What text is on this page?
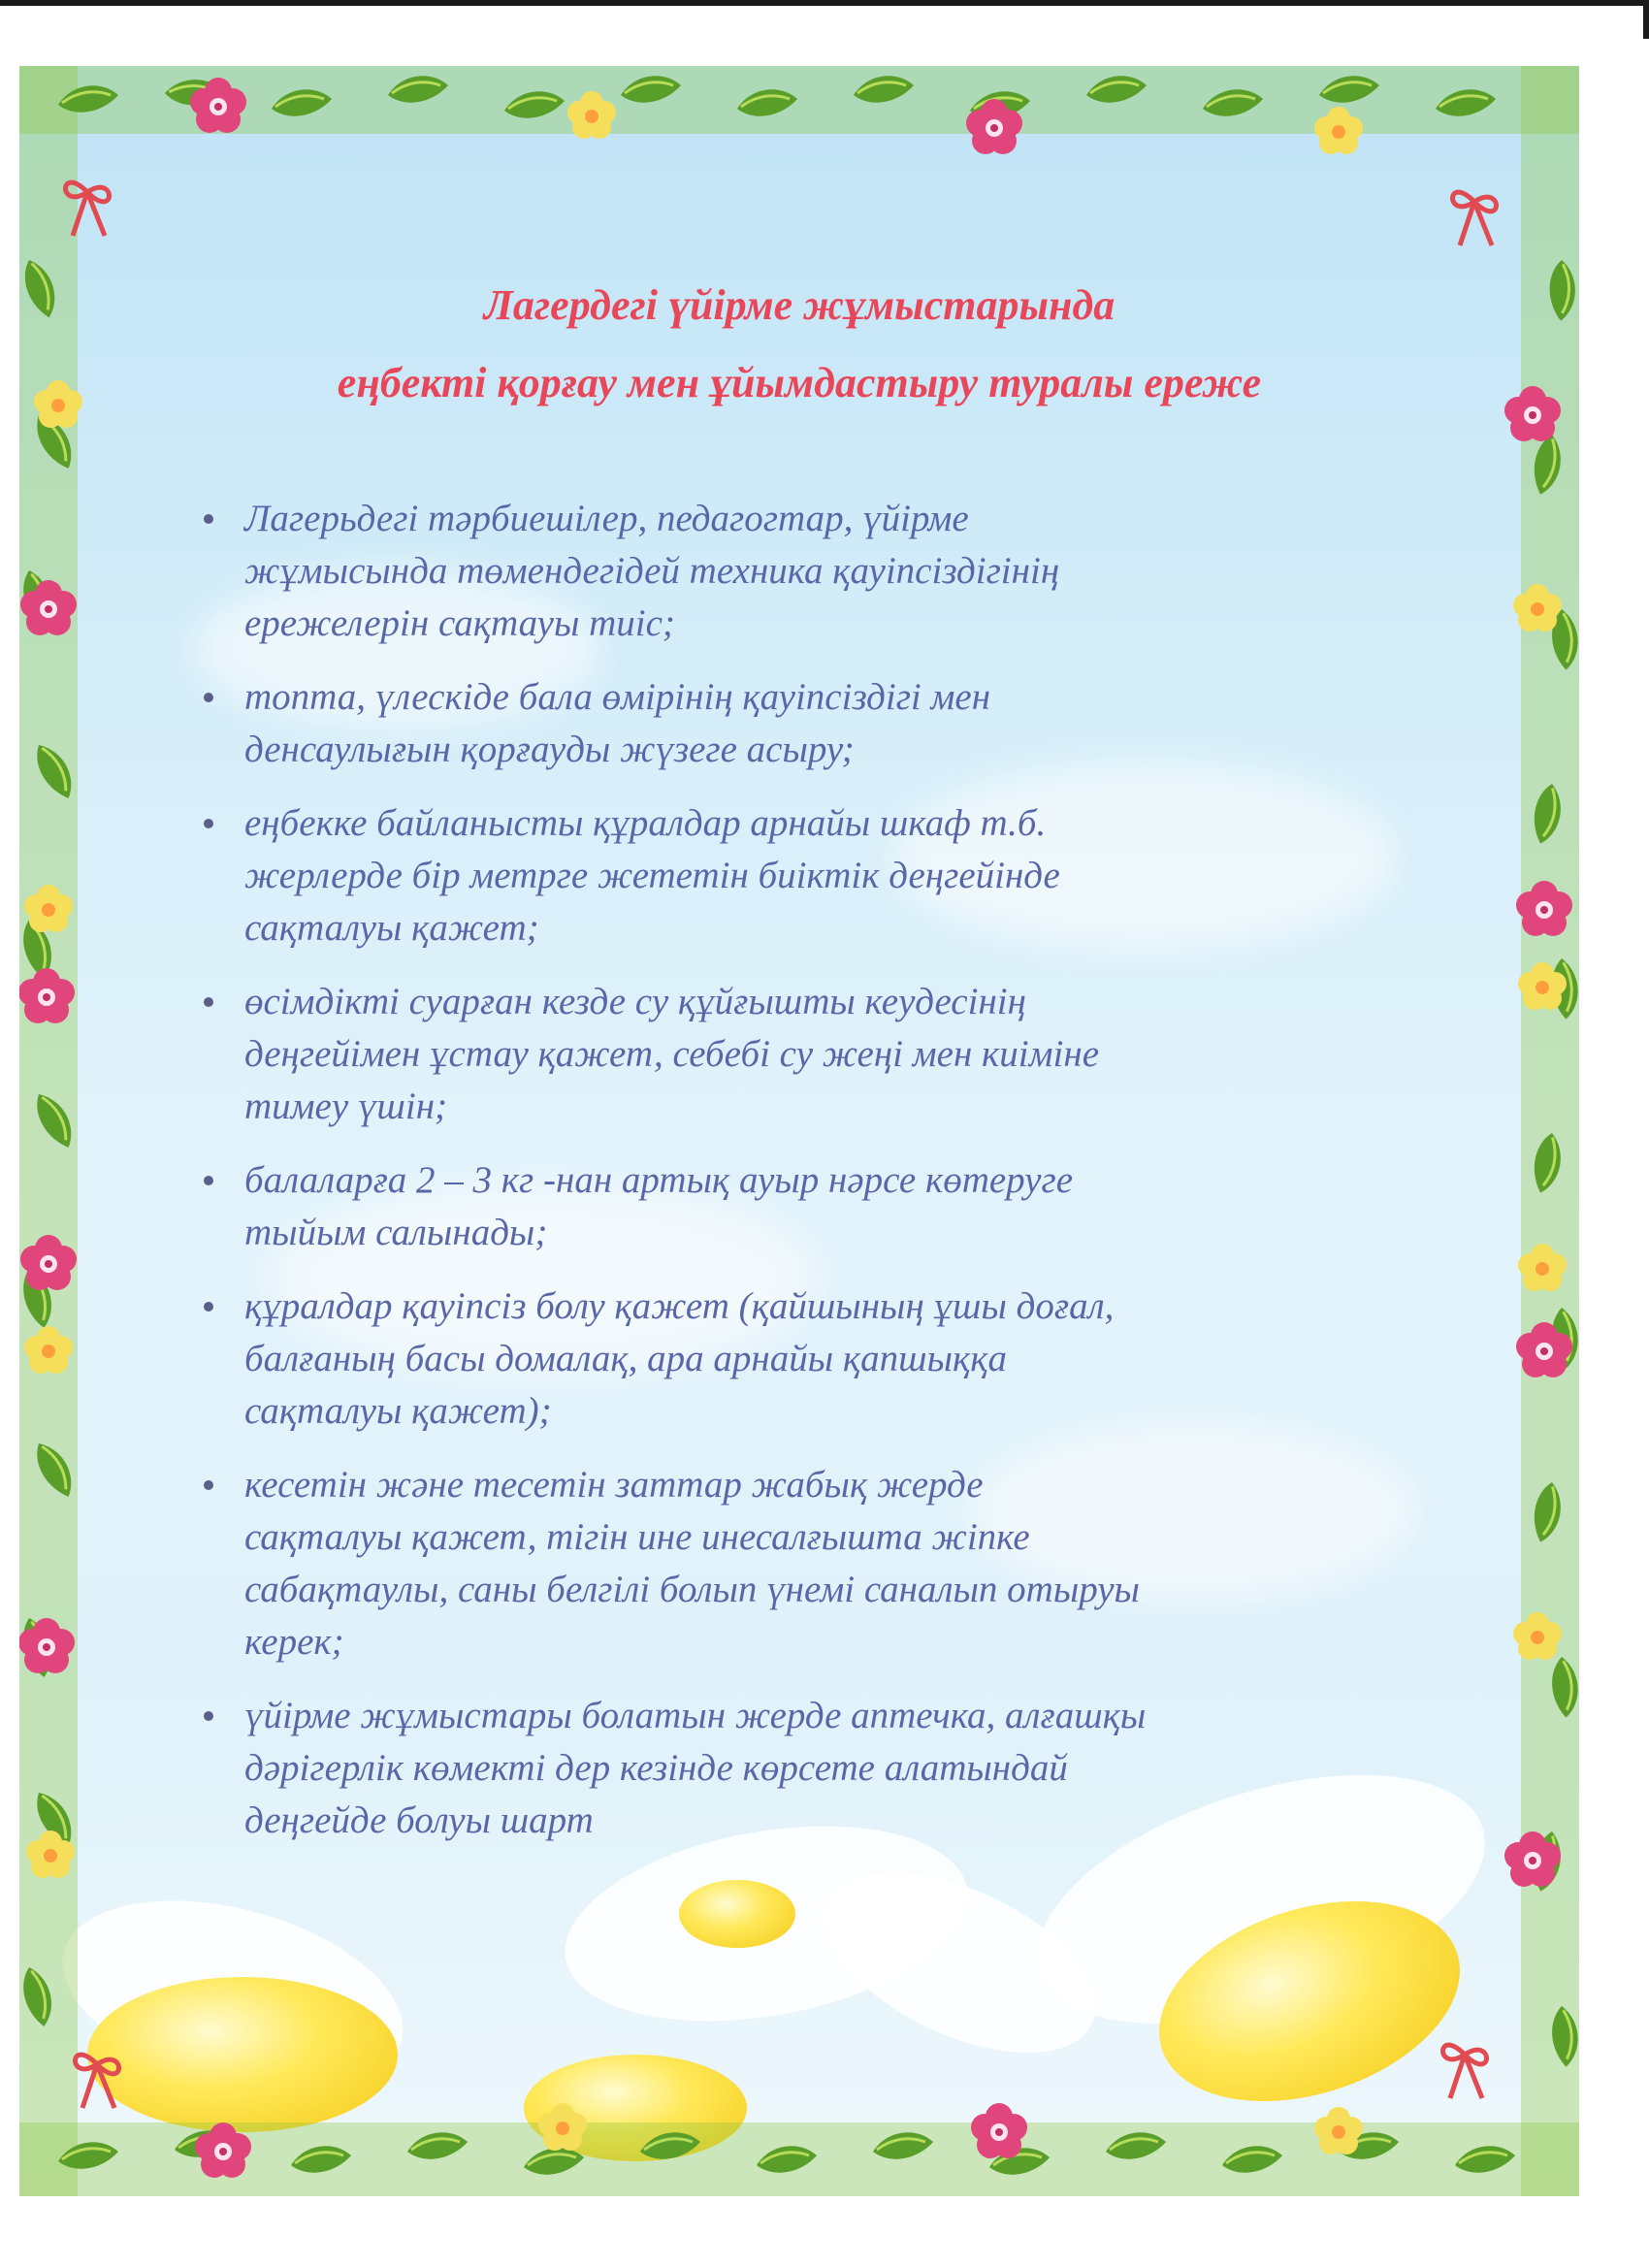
Лагердегі үйірме жұмыстарында
еңбекті қорғау мен ұйымдастыру туралы ереже
Лагерьдегі тәрбиешілер, педагогтар, үйірме
жұмысында төмендегідей техника қауіпсіздігінің
ережелерін сақтауы тиіс;
топта, үлескіде бала өмірінің қауіпсіздігі мен
денсаулығын қорғауды жүзеге асыру;
еңбекке байланысты құралдар арнайы шкаф т.б.
жерлерде бір метрге жететін биіктік деңгейінде
сақталуы қажет;
өсімдікті суарған кезде су құйғышты кеудесінің
деңгейімен ұстау қажет, себебі су жеңі мен киіміне
тимеу үшін;
балаларға 2 – 3 кг -нан артық ауыр нәрсе көтеруге
тыйым салынады;
құралдар қауіпсіз болу қажет (қайшының ұшы доғал,
балғаның басы домалақ, ара арнайы қапшыққа
сақталуы қажет);
кесетін және тесетін заттар жабық жерде
сақталуы қажет, тігін ине инесалғышта жіпке
сабақтаулы, саны белгілі болып үнемі саналып отыруы
керек;
үйірме жұмыстары болатын жерде аптечка, алғашқы
дәрігерлік көмекті дер кезінде көрсете алатындай
деңгейде болуы шарт
